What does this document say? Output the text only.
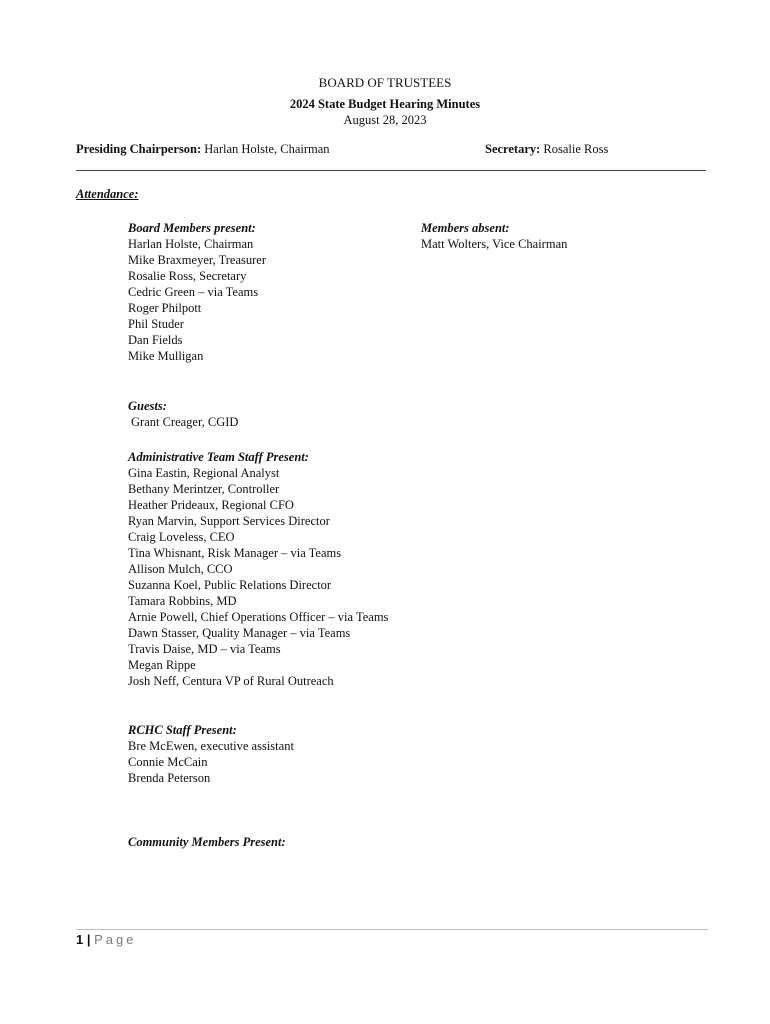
BOARD OF TRUSTEES
2024 State Budget Hearing Minutes
August 28, 2023
Presiding Chairperson: Harlan Holste, Chairman	Secretary: Rosalie Ross
Attendance:
Board Members present:
Harlan Holste, Chairman
Mike Braxmeyer, Treasurer
Rosalie Ross, Secretary
Cedric Green – via Teams
Roger Philpott
Phil Studer
Dan Fields
Mike Mulligan
Members absent:
Matt Wolters, Vice Chairman
Guests:
Grant Creager, CGID
Administrative Team Staff Present:
Gina Eastin, Regional Analyst
Bethany Merintzer, Controller
Heather Prideaux, Regional CFO
Ryan Marvin, Support Services Director
Craig Loveless, CEO
Tina Whisnant, Risk Manager – via Teams
Allison Mulch, CCO
Suzanna Koel, Public Relations Director
Tamara Robbins, MD
Arnie Powell, Chief Operations Officer – via Teams
Dawn Stasser, Quality Manager – via Teams
Travis Daise, MD – via Teams
Megan Rippe
Josh Neff, Centura VP of Rural Outreach
RCHC Staff Present:
Bre McEwen, executive assistant
Connie McCain
Brenda Peterson
Community Members Present:
1 | Page
